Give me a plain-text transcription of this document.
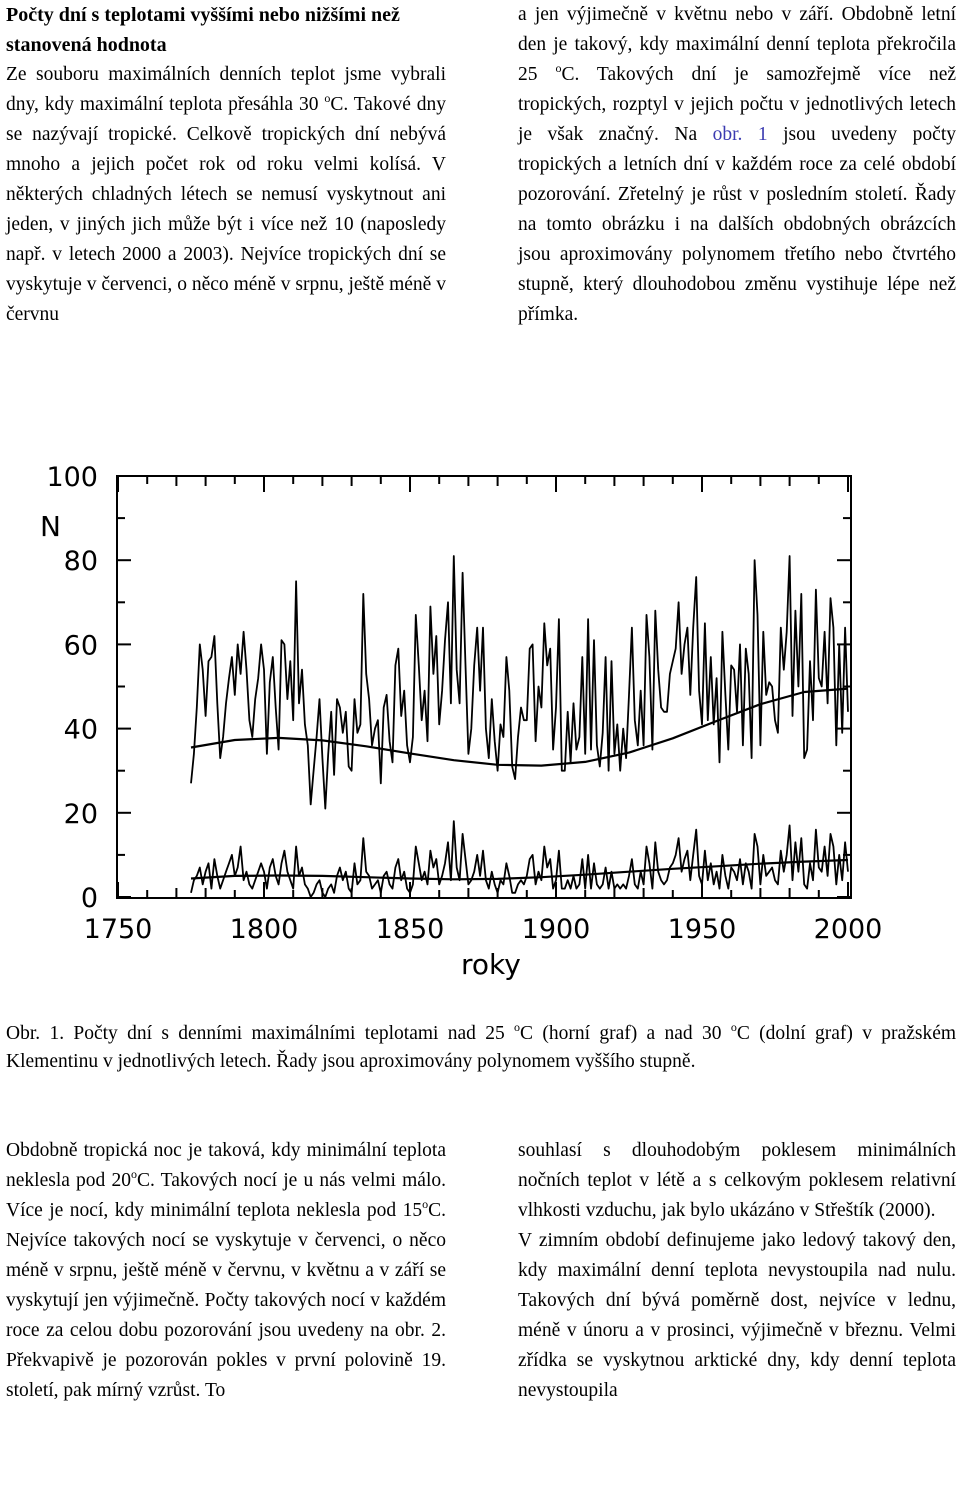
Počty dní s teplotami vyššími nebo nižšími než stanovená hodnota

Ze souboru maximálních denních teplot jsme vybrali dny, kdy maximální teplota přesáhla 30 $^o$C. Takové dny se nazývají tropické. Celkově tropických dní nebývá mnoho a jejich počet rok od roku velmi kolísá. V některých chladných létech se nemusí vyskytnout ani jeden, v jiných jich může být i více než 10 (naposledy např. v letech 2000 a 2003). Nejvíce tropických dní se vyskytuje v červenci, o něco méně v srpnu, ještě méně v červnu

a jen výjimečně v květnu nebo v září. Obdobně letní den je takový, kdy maximální denní teplota překročila 25 $^o$C. Takových dní je samozřejmě více než tropických, rozptyl v jejich počtu v jednotlivých letech je však značný. Na obr. 1 jsou uvedeny počty tropických a letních dní v každém roce za celé období pozorování. Zřetelný je růst v posledním století. Řady na tomto obrázku i na dalších obdobných obrázcích jsou aproximovány polynomem třetího nebo čtvrtého stupně, který dlouhodobou změnu vystihuje lépe než přímka.

0
20
40
60
80
100
1750	1800	1850	1900	1950	2000
N
roky
Obr. 1. Počty dní s denními maximálními teplotami nad 25 $^o$C (horní graf) a nad 30 $^o$C (dolní graf) v pražském Klementinu v jednotlivých letech. Řady jsou aproximovány polynomem vyššího stupně.

Obdobně tropická noc je taková, kdy minimální teplota neklesla pod 20$^o$C. Takových nocí je u nás velmi málo. Více je nocí, kdy minimální teplota neklesla pod 15$^o$C. Nejvíce takových nocí se vyskytuje v červenci, o něco méně v srpnu, ještě méně v červnu, v květnu a v září se vyskytují jen výjimečně. Počty takových nocí v každém roce za celou dobu pozorování jsou uvedeny na obr. 2. Překvapivě je pozorován pokles v první polovině 19. století, pak mírný vzrůst. To

souhlasí s dlouhodobým poklesem minimálních nočních teplot v létě a s celkovým poklesem relativní vlhkosti vzduchu, jak bylo ukázáno v Střeštík (2000).

V zimním období definujeme jako ledový takový den, kdy maximální denní teplota nevystoupila nad nulu. Takových dní bývá poměrně dost, nejvíce v lednu, méně v únoru a v prosinci, výjimečně v březnu. Velmi zřídka se vyskytnou arktické dny, kdy denní teplota nevystoupila
